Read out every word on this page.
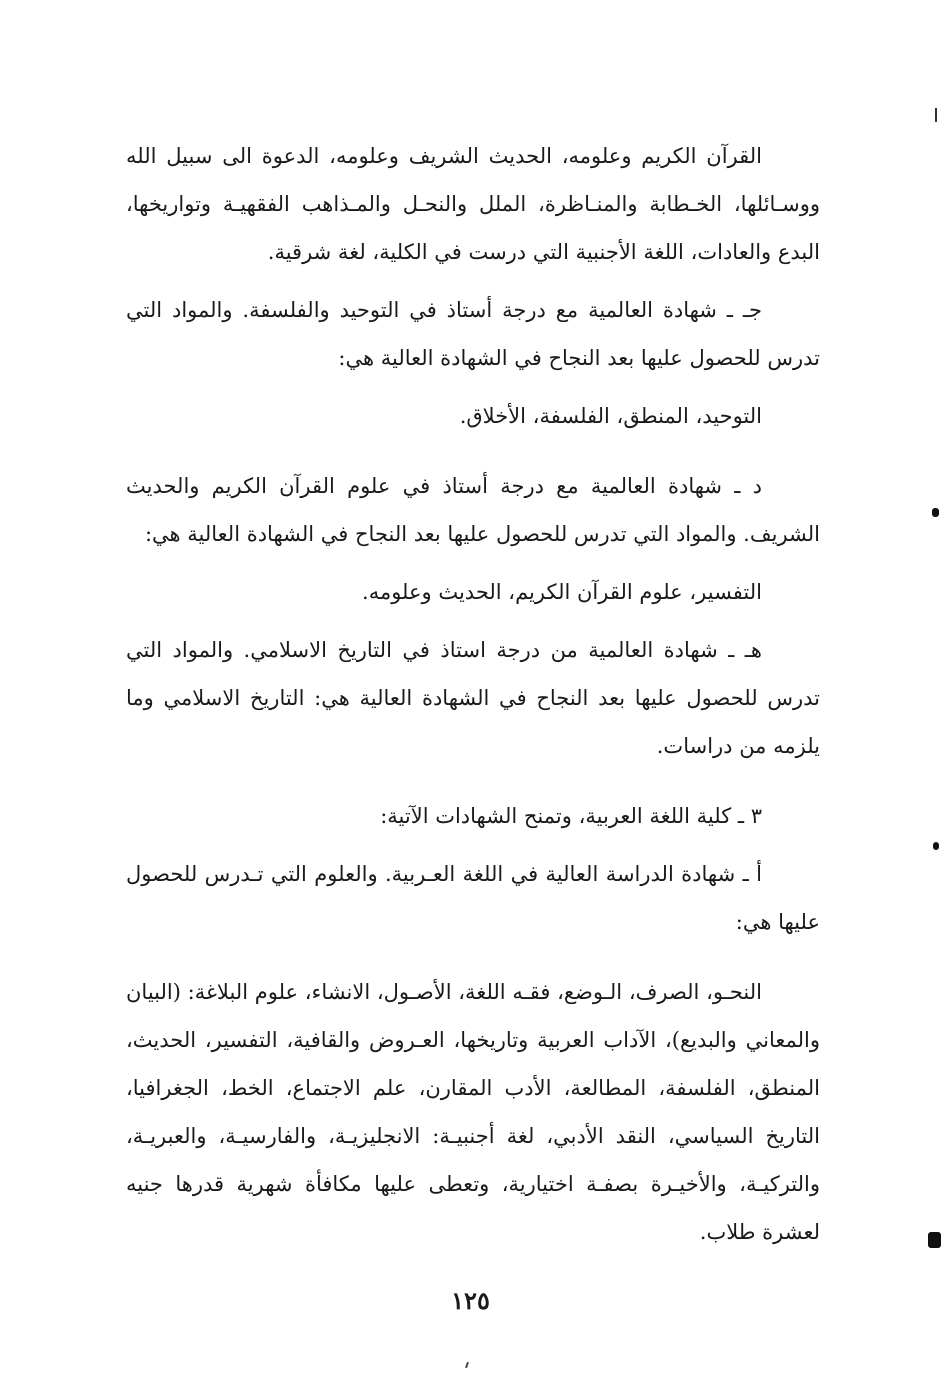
القرآن الكريم وعلومه، الحديث الشريف وعلومه، الدعوة الى سبيل الله ووسـائلها، الخـطابة والمنـاظرة، الملل والنحـل والمـذاهب الفقهيـة وتواريخها، البدع والعادات، اللغة الأجنبية التي درست في الكلية، لغة شرقية.

جـ ـ شهادة العالمية مع درجة أستاذ في التوحيد والفلسفة. والمواد التي تدرس للحصول عليها بعد النجاح في الشهادة العالية هي:

التوحيد، المنطق، الفلسفة، الأخلاق.

د ـ شهادة العالمية مع درجة أستاذ في علوم القرآن الكريم والحديث الشريف. والمواد التي تدرس للحصول عليها بعد النجاح في الشهادة العالية هي:

التفسير، علوم القرآن الكريم، الحديث وعلومه.

هـ ـ شهادة العالمية من درجة استاذ في التاريخ الاسلامي. والمواد التي تدرس للحصول عليها بعد النجاح في الشهادة العالية هي: التاريخ الاسلامي وما يلزمه من دراسات.

٣ ـ كلية اللغة العربية، وتمنح الشهادات الآتية:

أ ـ شهادة الدراسة العالية في اللغة العـربية. والعلوم التي تـدرس للحصول عليها هي:

النحـو، الصرف، الـوضع، فقـه اللغة، الأصـول، الانشاء، علوم البلاغة: (البيان والمعاني والبديع)، الآداب العربية وتاريخها، العـروض والقافية، التفسير، الحديث، المنطق، الفلسفة، المطالعة، الأدب المقارن، علم الاجتماع، الخط، الجغرافيا، التاريخ السياسي، النقد الأدبي، لغة أجنبيـة: الانجليزيـة، والفارسيـة، والعبريـة، والتركيـة، والأخيـرة بصفـة اختيارية، وتعطى عليها مكافأة شهرية قدرها جنيه لعشرة طلاب.

١٢٥
